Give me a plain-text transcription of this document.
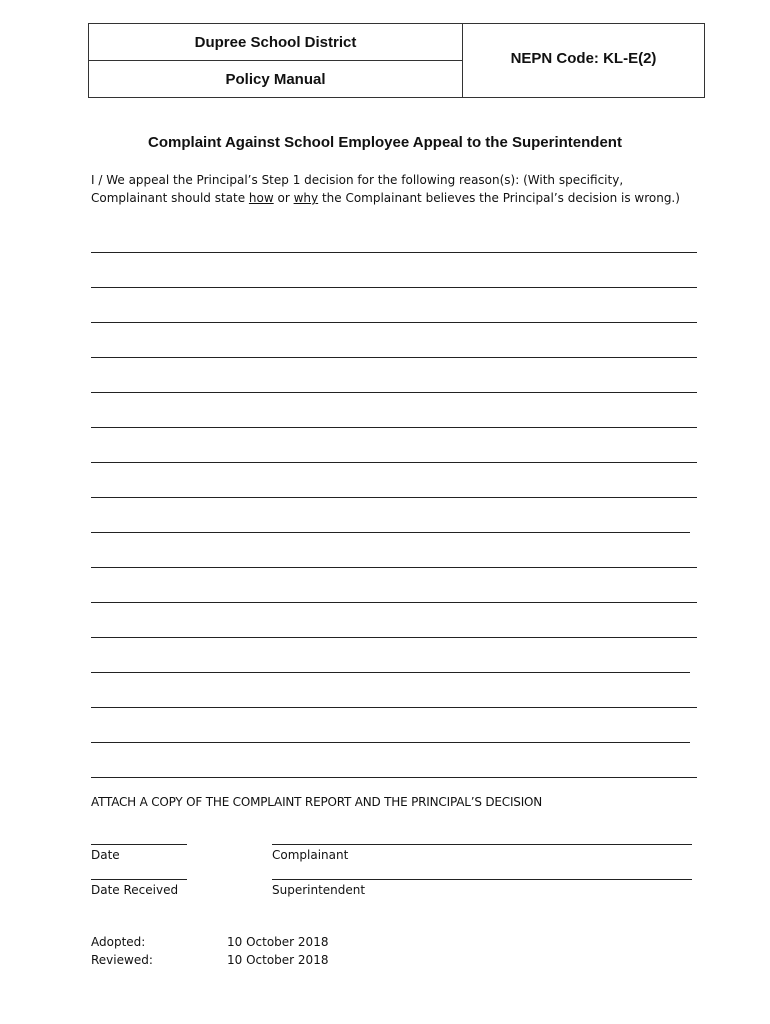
Dupree School District
Policy Manual
NEPN Code: KL-E(2)
Complaint Against School Employee Appeal to the Superintendent
I / We appeal the Principal’s Step 1 decision for the following reason(s): (With specificity, Complainant should state how or why the Complainant believes the Principal’s decision is wrong.)
ATTACH A COPY OF THE COMPLAINT REPORT AND THE PRINCIPAL’S DECISION
Date	Complainant
Date Received	Superintendent
Adopted:	10 October 2018
Reviewed:	10 October 2018
